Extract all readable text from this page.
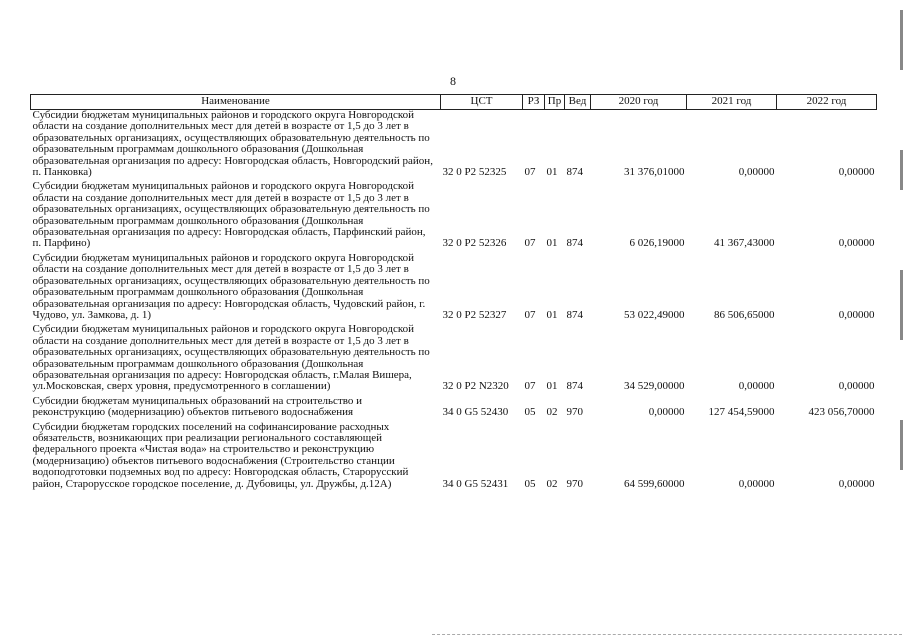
8
Наименование	ЦСТ	РЗ	Пр	Вед	2020 год	2021 год	2022 год
Субсидии бюджетам муниципальных районов и городского округа Новгородской области на создание дополнительных мест для детей в возрасте от 1,5 до 3 лет в образовательных организациях, осуществляющих образовательную деятельность по образовательным программам дошкольного образования (Дошкольная образовательная организация по адресу: Новгородская область, Новгородский район, п. Панковка)	32 0 P2 52325	07	01	874	31 376,01000	0,00000	0,00000
Субсидии бюджетам муниципальных районов и городского округа Новгородской области на создание дополнительных мест для детей в возрасте от 1,5 до 3 лет в образовательных организациях, осуществляющих образовательную деятельность по образовательным программам дошкольного образования (Дошкольная образовательная организация по адресу: Новгородская область, Парфинский район, п. Парфино)	32 0 P2 52326	07	01	874	6 026,19000	41 367,43000	0,00000
Субсидии бюджетам муниципальных районов и городского округа Новгородской области на создание дополнительных мест для детей в возрасте от 1,5 до 3 лет в образовательных организациях, осуществляющих образовательную деятельность по образовательным программам дошкольного образования (Дошкольная образовательная организация по адресу: Новгородская область, Чудовский район, г. Чудово, ул. Замкова, д. 1)	32 0 P2 52327	07	01	874	53 022,49000	86 506,65000	0,00000
Субсидии бюджетам муниципальных районов и городского округа Новгородской области на создание дополнительных мест для детей в возрасте от 1,5 до 3 лет в образовательных организациях, осуществляющих образовательную деятельность по образовательным программам дошкольного образования (Дошкольная образовательная организация по адресу: Новгородская область, г.Малая Вишера, ул.Московская, сверх уровня, предусмотренного в соглашении)	32 0 P2 N2320	07	01	874	34 529,00000	0,00000	0,00000
Субсидии бюджетам муниципальных образований на строительство и реконструкцию (модернизацию) объектов питьевого водоснабжения	34 0 G5 52430	05	02	970	0,00000	127 454,59000	423 056,70000
Субсидии бюджетам городских поселений на софинансирование расходных обязательств, возникающих при реализации регионального составляющей федерального проекта «Чистая вода» на строительство и реконструкцию (модернизацию) объектов питьевого водоснабжения (Строительство станции водоподготовки подземных вод по адресу: Новгородская область, Старорусский район, Старорусское городское поселение, д. Дубовицы, ул. Дружбы, д.12А)	34 0 G5 52431	05	02	970	64 599,60000	0,00000	0,00000
